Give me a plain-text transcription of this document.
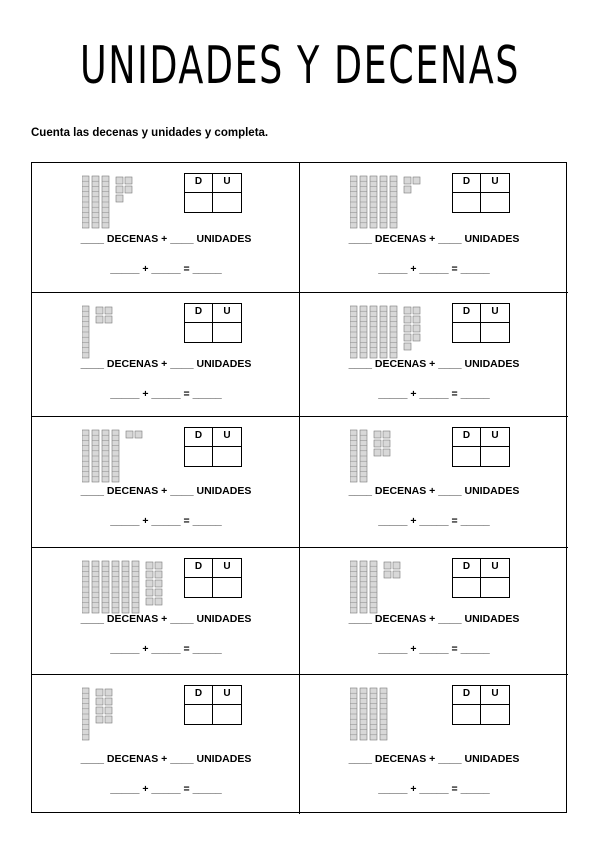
UNIDADES Y DECENAS
Cuenta las decenas y unidades y completa.
D	U
____ DECENAS + ____ UNIDADES
_____ + _____ = _____
D	U
____ DECENAS + ____ UNIDADES
_____ + _____ = _____
D	U
____ DECENAS + ____ UNIDADES
_____ + _____ = _____
D	U
____ DECENAS + ____ UNIDADES
_____ + _____ = _____
D	U
____ DECENAS + ____ UNIDADES
_____ + _____ = _____
D	U
____ DECENAS + ____ UNIDADES
_____ + _____ = _____
D	U
____ DECENAS + ____ UNIDADES
_____ + _____ = _____
D	U
____ DECENAS + ____ UNIDADES
_____ + _____ = _____
D	U
____ DECENAS + ____ UNIDADES
_____ + _____ = _____
D	U
____ DECENAS + ____ UNIDADES
_____ + _____ = _____
